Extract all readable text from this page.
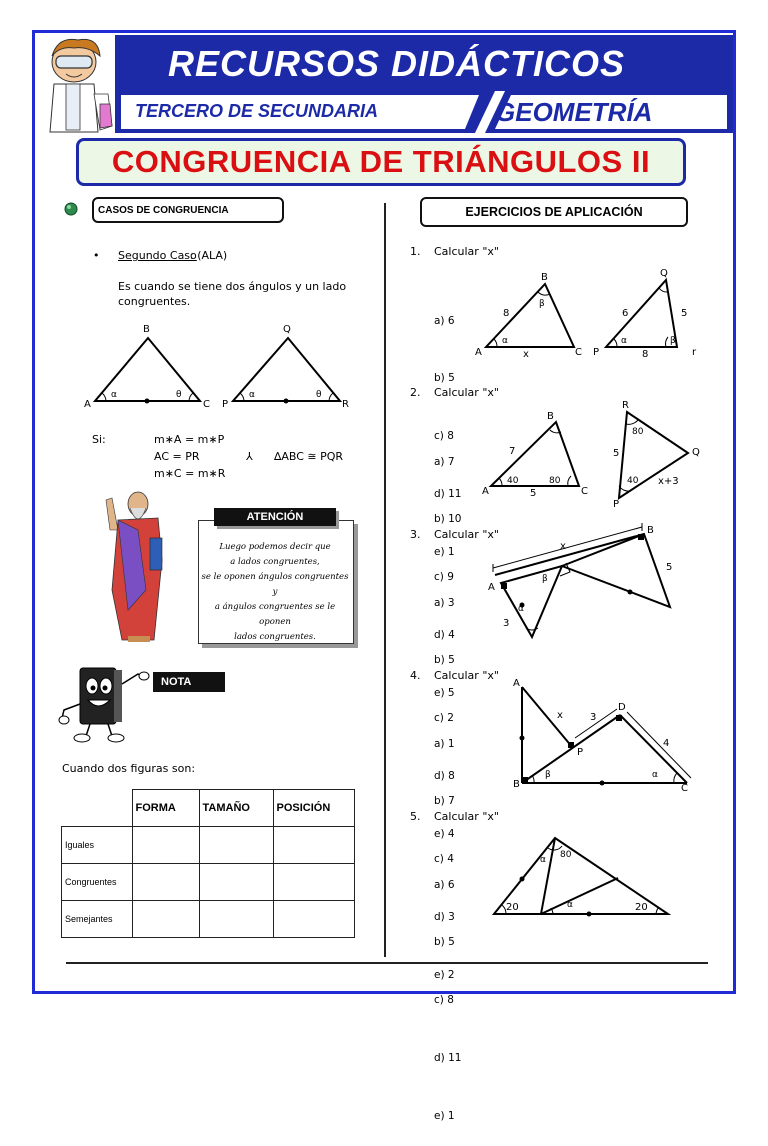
RECURSOS DIDÁCTICOS
TERCERO DE SECUNDARIA	GEOMETRÍA
CONGRUENCIA DE TRIÁNGULOS II
CASOS DE CONGRUENCIA
• Segundo Caso
: (ALA)
Es cuando se tiene dos ángulos y un lado
congruentes.
B
A	C
α	θ
Q
P	R
α	θ
Si:	m∗A = m∗P
AC = PR
m∗C = m∗R
⅄ ∆ABC ≅ PQR
ATENCIÓN
Luego podemos decir que
a lados congruentes,
se le oponen ángulos congruentes y
a ángulos congruentes se le oponen
lados congruentes.
NOTA
Cuando dos figuras son:
	FORMA	TAMAÑO	POSICIÓN
Iguales			
Congruentes			
Semejantes			
EJERCICIOS DE APLICACIÓN
1. Calcular "x"

a) 6

b) 5

c) 8

d) 11

e) 1

B
A	C
8
x
β
α
Q
P	r
6	5
8
α	β
2. Calcular "x"

a) 7

b) 10

c) 9

d) 4

e) 5

B
A	C
7
40	80
5
R
Q
P
80
5
40 x+3
3. Calcular "x"

a) 3

b) 5

c) 2

d) 8

e) 4

A
B
x
5
3
β
α
4. Calcular "x"

a) 1

b) 7

c) 4

d) 3

e) 2

A
B	C
D
P
x	3
4
β	α
5. Calcular "x"

a) 6

b) 5

c) 8

d) 11

e) 1

20	20
80
α
α
